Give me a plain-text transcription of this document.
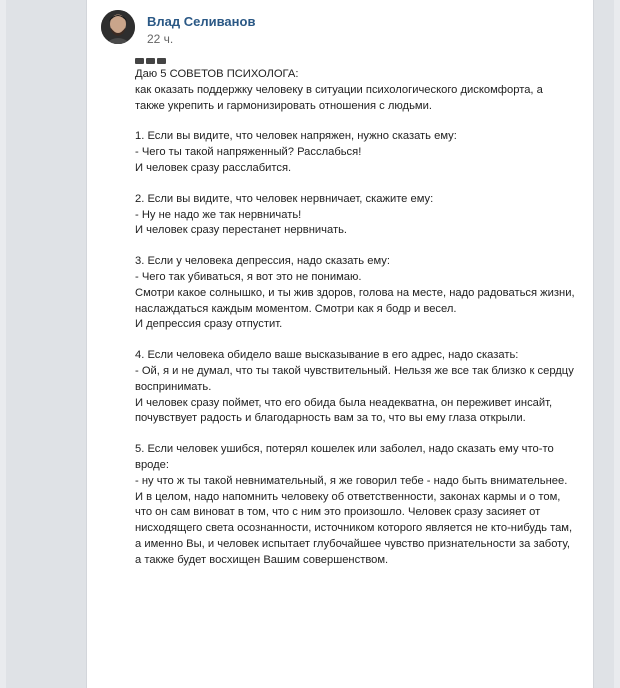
Влад Селиванов
22 ч.

Даю 5 СОВЕТОВ ПСИХОЛОГА:
как оказать поддержку человеку в ситуации психологического дискомфорта, а также укрепить и гармонизировать отношения с людьми.

1. Если вы видите, что человек напряжен, нужно сказать ему:
- Чего ты такой напряженный? Расслабься!
И человек сразу расслабится.

2. Если вы видите, что человек нервничает, скажите ему:
- Ну не надо же так нервничать!
И человек сразу перестанет нервничать.

3. Если у человека депрессия, надо сказать ему:
- Чего так убиваться, я вот это не понимаю.
Смотри какое солнышко, и ты жив здоров, голова на месте, надо радоваться жизни, наслаждаться каждым моментом. Смотри как я бодр и весел.
И депрессия сразу отпустит.

4. Если человека обидело ваше высказывание в его адрес, надо сказать:
- Ой, я и не думал, что ты такой чувствительный. Нельзя же все так близко к сердцу воспринимать.
И человек сразу поймет, что его обида была неадекватна, он переживет инсайт, почувствует радость и благодарность вам за то, что вы ему глаза открыли.

5. Если человек ушибся, потерял кошелек или заболел, надо сказать ему что-то вроде:
- ну что ж ты такой невнимательный, я же говорил тебе - надо быть внимательнее.
И в целом, надо напомнить человеку об ответственности, законах кармы и о том, что он сам виноват в том, что с ним это произошло. Человек сразу засияет от нисходящего света осознанности, источником которого является не кто-нибудь там, а именно Вы, и человек испытает глубочайшее чувство признательности за заботу, а также будет восхищен Вашим совершенством.
